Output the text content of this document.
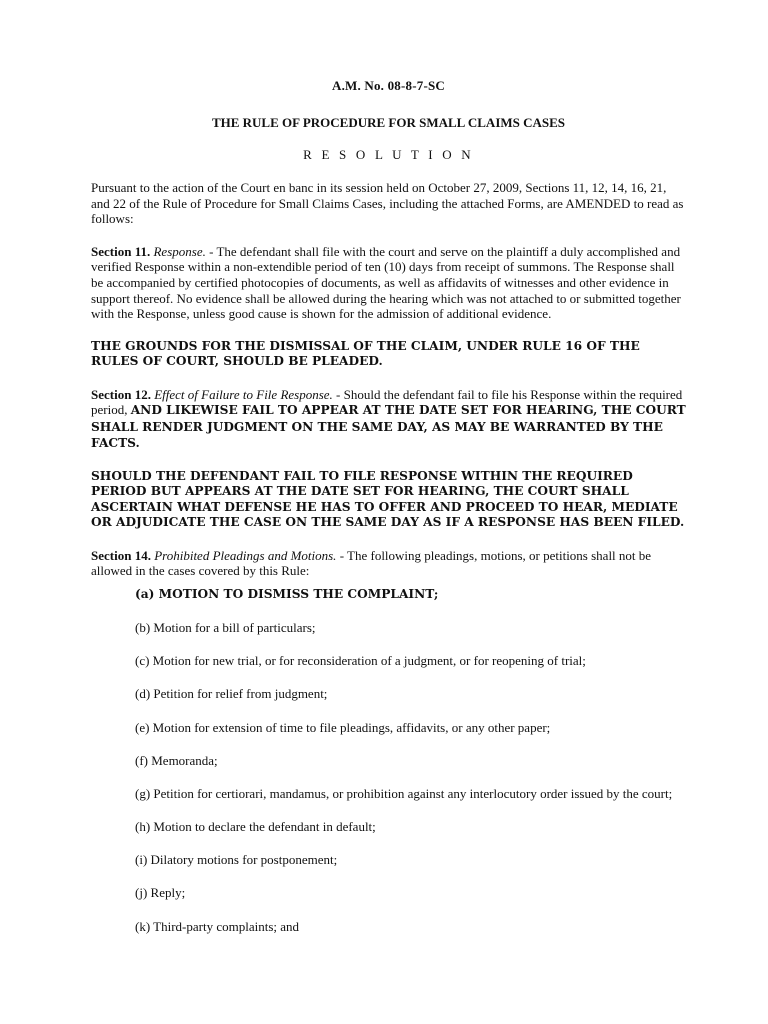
A.M. No. 08-8-7-SC
THE RULE OF PROCEDURE FOR SMALL CLAIMS CASES
R E S O L U T I O N

Pursuant to the action of the Court en banc in its session held on October 27, 2009, Sections 11, 12, 14, 16, 21, and 22 of the Rule of Procedure for Small Claims Cases, including the attached Forms, are AMENDED to read as follows:

Section 11. Response. - The defendant shall file with the court and serve on the plaintiff a duly accomplished and verified Response within a non-extendible period of ten (10) days from receipt of summons. The Response shall be accompanied by certified photocopies of documents, as well as affidavits of witnesses and other evidence in support thereof. No evidence shall be allowed during the hearing which was not attached to or submitted together with the Response, unless good cause is shown for the admission of additional evidence.

THE GROUNDS FOR THE DISMISSAL OF THE CLAIM, UNDER RULE 16 OF THE RULES OF COURT, SHOULD BE PLEADED.

Section 12. Effect of Failure to File Response. - Should the defendant fail to file his Response within the required period, AND LIKEWISE FAIL TO APPEAR AT THE DATE SET FOR HEARING, THE COURT SHALL RENDER JUDGMENT ON THE SAME DAY, AS MAY BE WARRANTED BY THE FACTS.

SHOULD THE DEFENDANT FAIL TO FILE RESPONSE WITHIN THE REQUIRED PERIOD BUT APPEARS AT THE DATE SET FOR HEARING, THE COURT SHALL ASCERTAIN WHAT DEFENSE HE HAS TO OFFER AND PROCEED TO HEAR, MEDIATE OR ADJUDICATE THE CASE ON THE SAME DAY AS IF A RESPONSE HAS BEEN FILED.

Section 14. Prohibited Pleadings and Motions. - The following pleadings, motions, or petitions shall not be allowed in the cases covered by this Rule:

(a) MOTION TO DISMISS THE COMPLAINT;
(b) Motion for a bill of particulars;
(c) Motion for new trial, or for reconsideration of a judgment, or for reopening of trial;
(d) Petition for relief from judgment;
(e) Motion for extension of time to file pleadings, affidavits, or any other paper;
(f) Memoranda;
(g) Petition for certiorari, mandamus, or prohibition against any interlocutory order issued by the court;
(h) Motion to declare the defendant in default;
(i) Dilatory motions for postponement;
(j) Reply;
(k) Third-party complaints; and
